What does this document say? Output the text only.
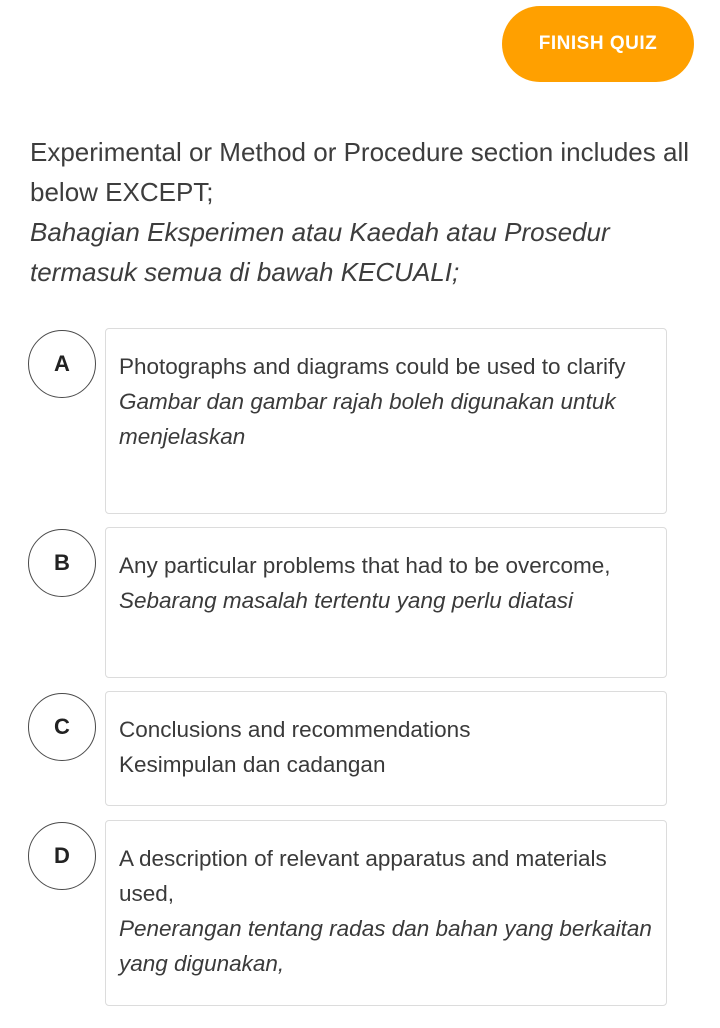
FINISH QUIZ
Experimental or Method or Procedure section includes all below EXCEPT;
Bahagian Eksperimen atau Kaedah atau Prosedur termasuk semua di bawah KECUALI;
A	Photographs and diagrams could be used to clarify
Gambar dan gambar rajah boleh digunakan untuk menjelaskan
B	Any particular problems that had to be overcome,
Sebarang masalah tertentu yang perlu diatasi
C	Conclusions and recommendations
Kesimpulan dan cadangan
D	A description of relevant apparatus and materials used,
Penerangan tentang radas dan bahan yang berkaitan yang digunakan,
